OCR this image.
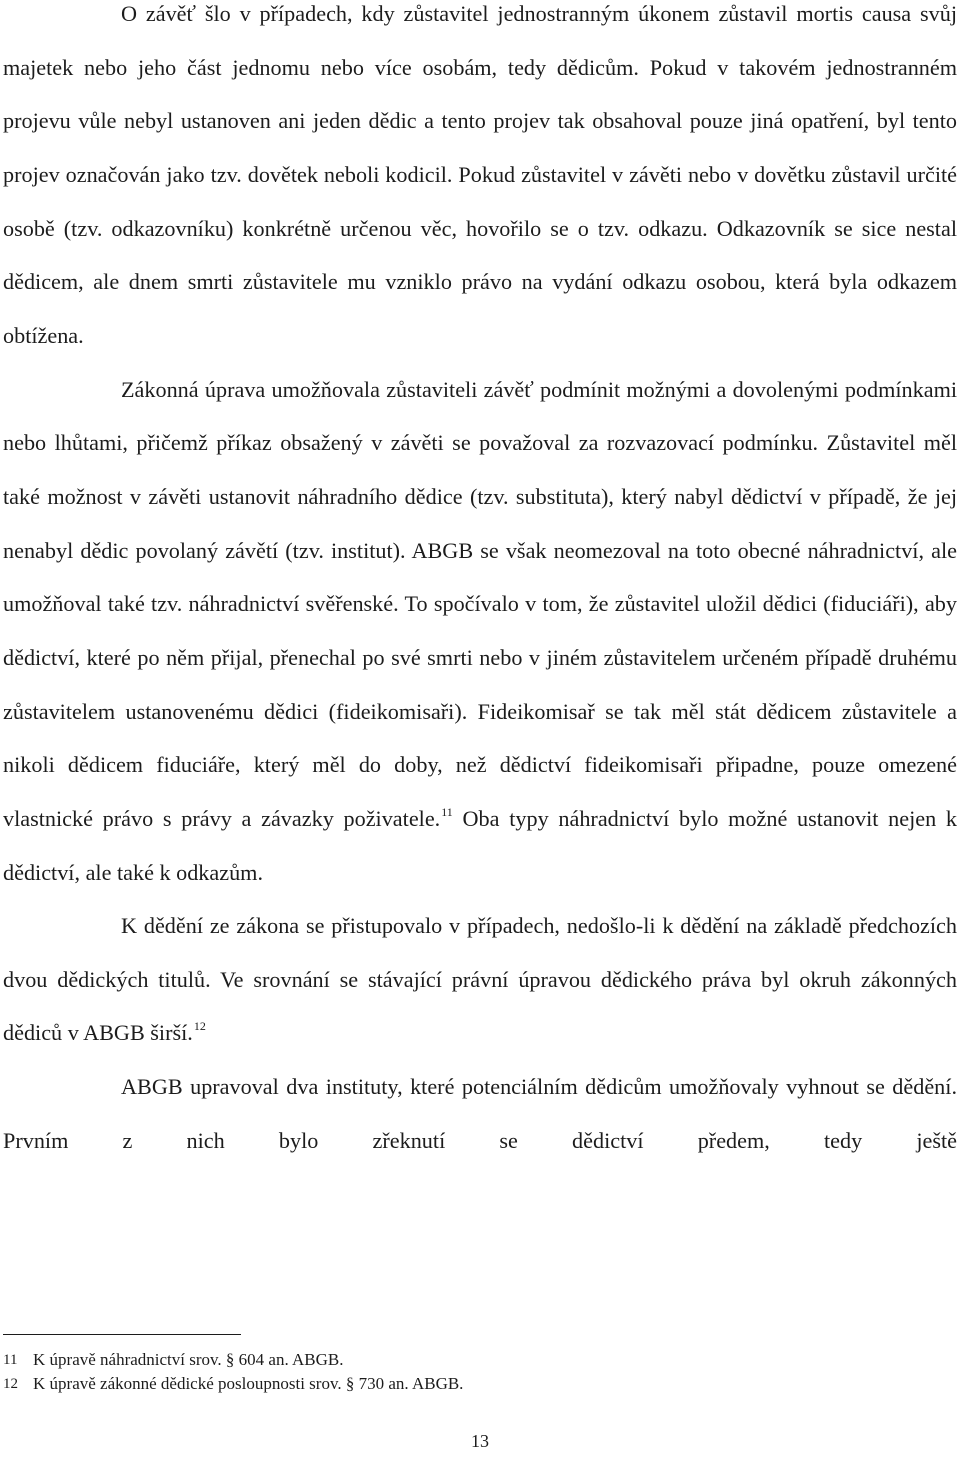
O závěť šlo v případech, kdy zůstavitel jednostranným úkonem zůstavil mortis causa svůj majetek nebo jeho část jednomu nebo více osobám, tedy dědicům. Pokud v takovém jednostranném projevu vůle nebyl ustanoven ani jeden dědic a tento projev tak obsahoval pouze jiná opatření, byl tento projev označován jako tzv. dovětek neboli kodicil. Pokud zůstavitel v závěti nebo v dovětku zůstavil určité osobě (tzv. odkazovníku) konkrétně určenou věc, hovořilo se o tzv. odkazu. Odkazovník se sice nestal dědicem, ale dnem smrti zůstavitele mu vzniklo právo na vydání odkazu osobou, která byla odkazem obtížena.

Zákonná úprava umožňovala zůstaviteli závěť podmínit možnými a dovolenými podmínkami nebo lhůtami, přičemž příkaz obsažený v závěti se považoval za rozvazovací podmínku. Zůstavitel měl také možnost v závěti ustanovit náhradního dědice (tzv. substituta), který nabyl dědictví v případě, že jej nenabyl dědic povolaný závětí (tzv. institut). ABGB se však neomezoval na toto obecné náhradnictví, ale umožňoval také tzv. náhradnictví svěřenské. To spočívalo v tom, že zůstavitel uložil dědici (fiduciáři), aby dědictví, které po něm přijal, přenechal po své smrti nebo v jiném zůstavitelem určeném případě druhému zůstavitelem ustanovenému dědici (fideikomisaři). Fideikomisař se tak měl stát dědicem zůstavitele a nikoli dědicem fiduciáře, který měl do doby, než dědictví fideikomisaři připadne, pouze omezené vlastnické právo s právy a závazky poživatele.$^{11}$ Oba typy náhradnictví bylo možné ustanovit nejen k dědictví, ale také k odkazům.

K dědění ze zákona se přistupovalo v případech, nedošlo-li k dědění na základě předchozích dvou dědických titulů. Ve srovnání se stávající právní úpravou dědického práva byl okruh zákonných dědiců v ABGB širší.$^{12}$

ABGB upravoval dva instituty, které potenciálním dědicům umožňovaly vyhnout se dědění. Prvním z nich bylo zřeknutí se dědictví předem, tedy ještě

11 K úpravě náhradnictví srov. § 604 an. ABGB.

12 K úpravě zákonné dědické posloupnosti srov. § 730 an. ABGB.

13
